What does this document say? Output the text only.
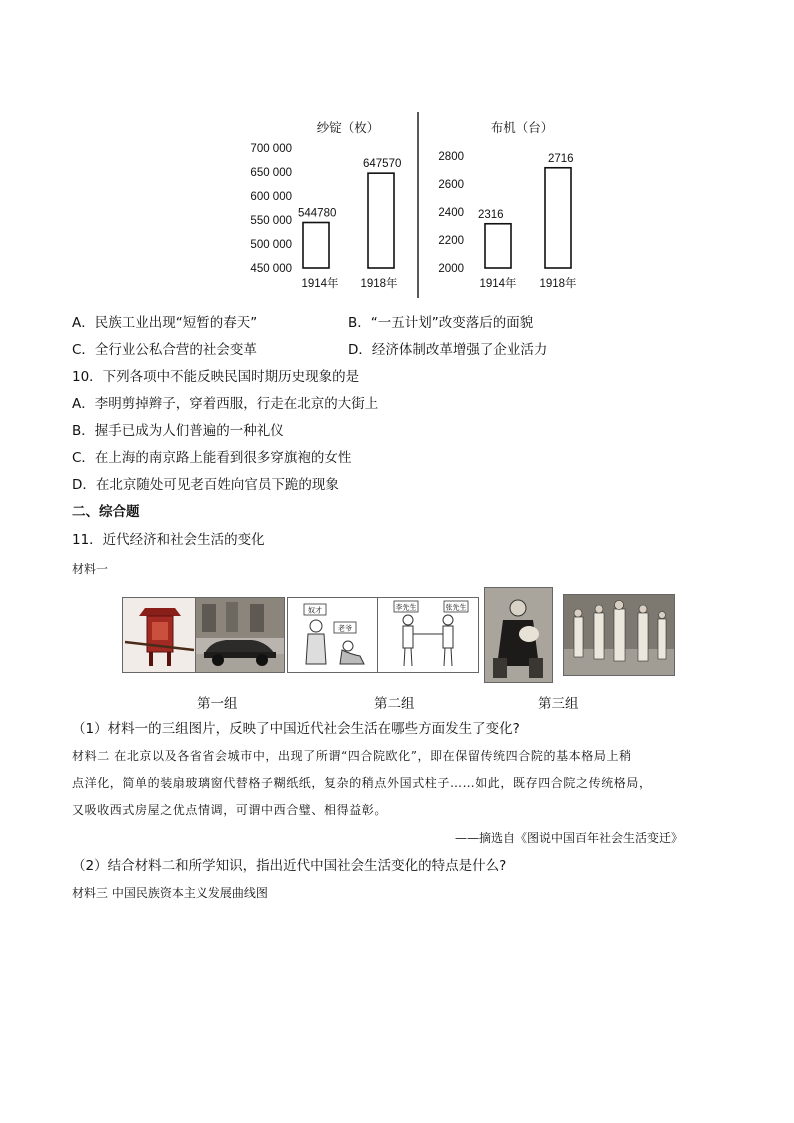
纱锭（枚）
700 000
650 000
600 000
550 000
500 000
450 000
544780
1914年
647570
1918年
布机（台）
2800
2600
2400
2200
2000
2316
1914年
2716
1918年
A．民族工业出现“短暂的春天”	B．“一五计划”改变落后的面貌
C．全行业公私合营的社会变革	D．经济体制改革增强了企业活力
10．下列各项中不能反映民国时期历史现象的是
A．李明剪掉辫子，穿着西服，行走在北京的大街上
B．握手已成为人们普遍的一种礼仪
C．在上海的南京路上能看到很多穿旗袍的女性
D．在北京随处可见老百姓向官员下跪的现象
二、综合题
11．近代经济和社会生活的变化
材料一
奴才
老爷
李先生	张先生
第一组	第二组	第三组
（1）材料一的三组图片，反映了中国近代社会生活在哪些方面发生了变化?
材料二 在北京以及各省省会城市中，出现了所谓“四合院欧化”，即在保留传统四合院的基本格局上稍
点洋化，简单的装扇玻璃窗代替格子糊纸纸，复杂的稍点外国式柱子……如此，既存四合院之传统格局，
又吸收西式房屋之优点情调，可谓中西合璧、相得益彰。
——摘选自《图说中国百年社会生活变迁》
（2）结合材料二和所学知识，指出近代中国社会生活变化的特点是什么?
材料三 中国民族资本主义发展曲线图
